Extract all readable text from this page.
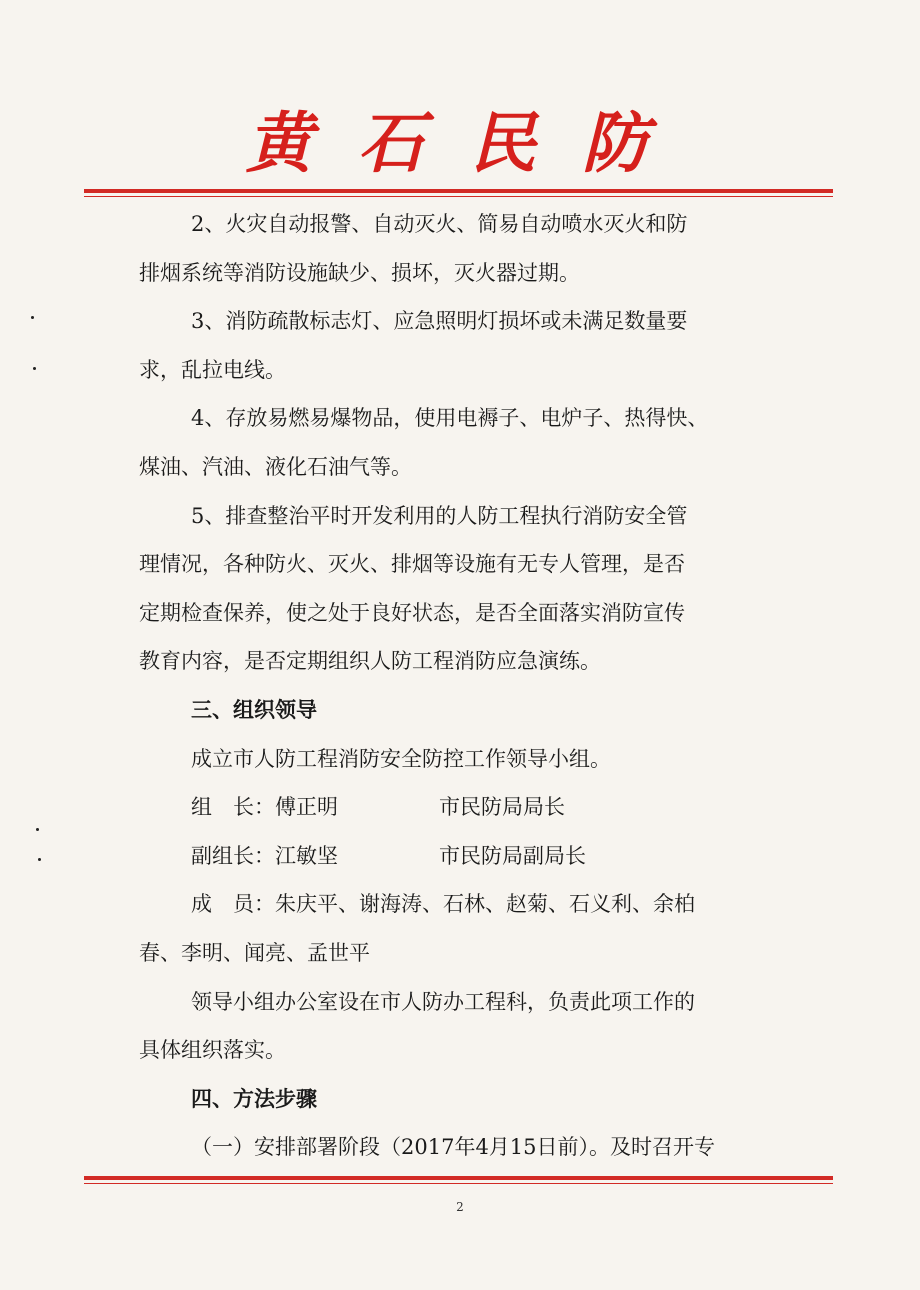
黄石民防

2、火灾自动报警、自动灭火、简易自动喷水灭火和防

排烟系统等消防设施缺少、损坏，灭火器过期。

3、消防疏散标志灯、应急照明灯损坏或未满足数量要

求，乱拉电线。

4、存放易燃易爆物品，使用电褥子、电炉子、热得快、

煤油、汽油、液化石油气等。

5、排查整治平时开发利用的人防工程执行消防安全管

理情况，各种防火、灭火、排烟等设施有无专人管理，是否

定期检查保养，使之处于良好状态，是否全面落实消防宣传

教育内容，是否定期组织人防工程消防应急演练。

三、组织领导

成立市人防工程消防安全防控工作领导小组。

组　长：傅正明	市民防局局长

副组长：江敏坚	市民防局副局长

成　员：朱庆平、谢海涛、石林、赵菊、石义利、余柏

春、李明、闻亮、孟世平

领导小组办公室设在市人防办工程科，负责此项工作的

具体组织落实。

四、方法步骤

（一）安排部署阶段（2017年4月15日前）。及时召开专

2
